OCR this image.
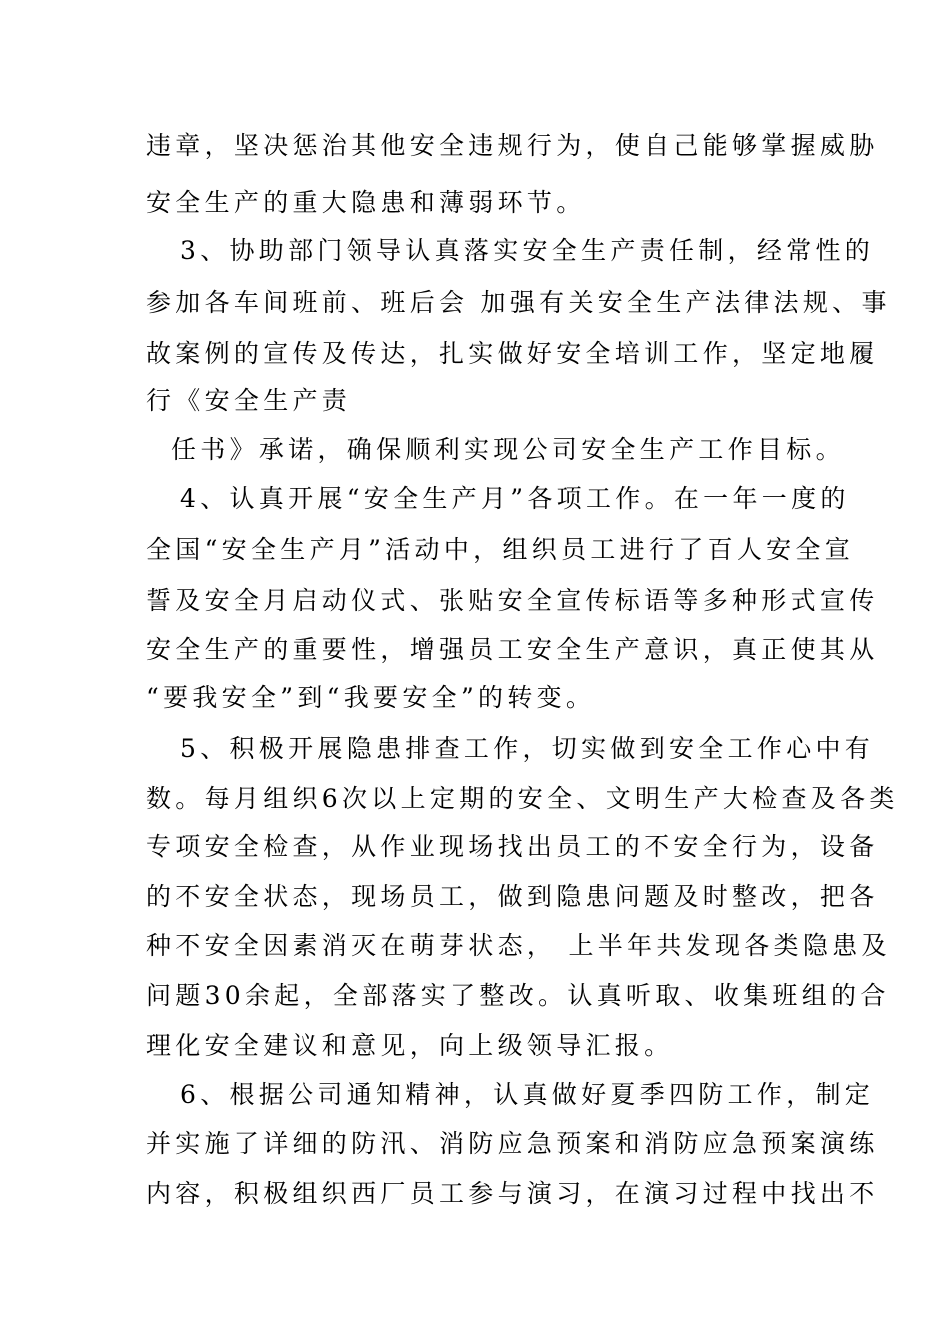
违章，坚决惩治其他安全违规行为，使自己能够掌握威胁
安全生产的重大隐患和薄弱环节。
3、协助部门领导认真落实安全生产责任制，经常性的
参加各车间班前、班后会 加强有关安全生产法律法规、事
故案例的宣传及传达，扎实做好安全培训工作，坚定地履
行《安全生产责
任书》承诺，确保顺利实现公司安全生产工作目标。
4、认真开展“安全生产月”各项工作。在一年一度的
全国“安全生产月”活动中，组织员工进行了百人安全宣
誓及安全月启动仪式、张贴安全宣传标语等多种形式宣传
安全生产的重要性，增强员工安全生产意识，真正使其从
“要我安全”到“我要安全”的转变。
5、积极开展隐患排查工作，切实做到安全工作心中有
数。每月组织6次以上定期的安全、文明生产大检查及各类
专项安全检查，从作业现场找出员工的不安全行为，设备
的不安全状态，现场员工，做到隐患问题及时整改，把各
种不安全因素消灭在萌芽状态， 上半年共发现各类隐患及
问题30余起，全部落实了整改。认真听取、收集班组的合
理化安全建议和意见，向上级领导汇报。
6、根据公司通知精神，认真做好夏季四防工作，制定
并实施了详细的防汛、消防应急预案和消防应急预案演练
内容，积极组织西厂员工参与演习，在演习过程中找出不
